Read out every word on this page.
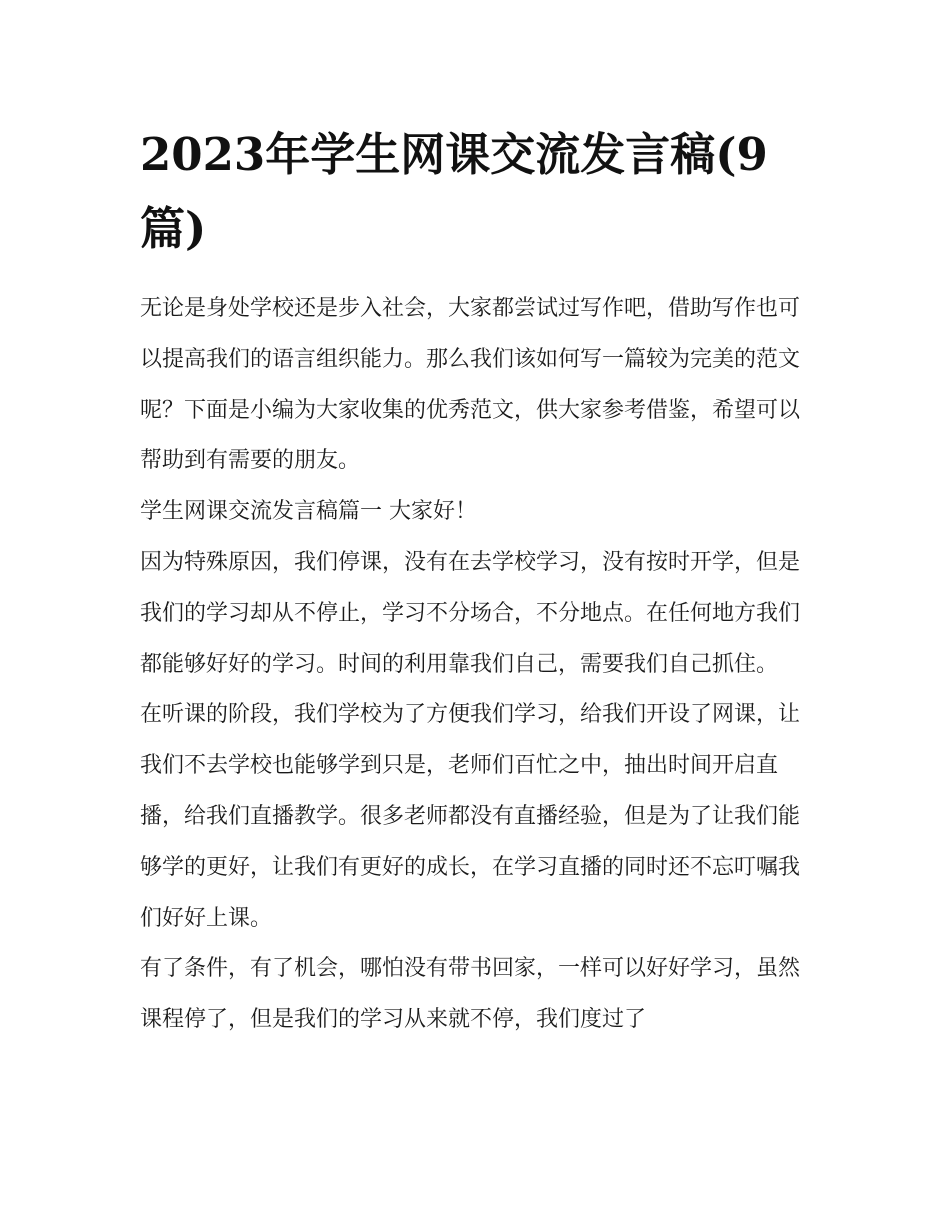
2023年学生网课交流发言稿(9篇)

无论是身处学校还是步入社会，大家都尝试过写作吧，借助写作也可以提高我们的语言组织能力。那么我们该如何写一篇较为完美的范文呢？下面是小编为大家收集的优秀范文，供大家参考借鉴，希望可以帮助到有需要的朋友。

学生网课交流发言稿篇一 大家好！

因为特殊原因，我们停课，没有在去学校学习，没有按时开学，但是我们的学习却从不停止，学习不分场合，不分地点。在任何地方我们都能够好好的学习。时间的利用靠我们自己，需要我们自己抓住。

在听课的阶段，我们学校为了方便我们学习，给我们开设了网课，让我们不去学校也能够学到只是，老师们百忙之中，抽出时间开启直播，给我们直播教学。很多老师都没有直播经验，但是为了让我们能够学的更好，让我们有更好的成长，在学习直播的同时还不忘叮嘱我们好好上课。

有了条件，有了机会，哪怕没有带书回家，一样可以好好学习，虽然课程停了，但是我们的学习从来就不停，我们度过了
